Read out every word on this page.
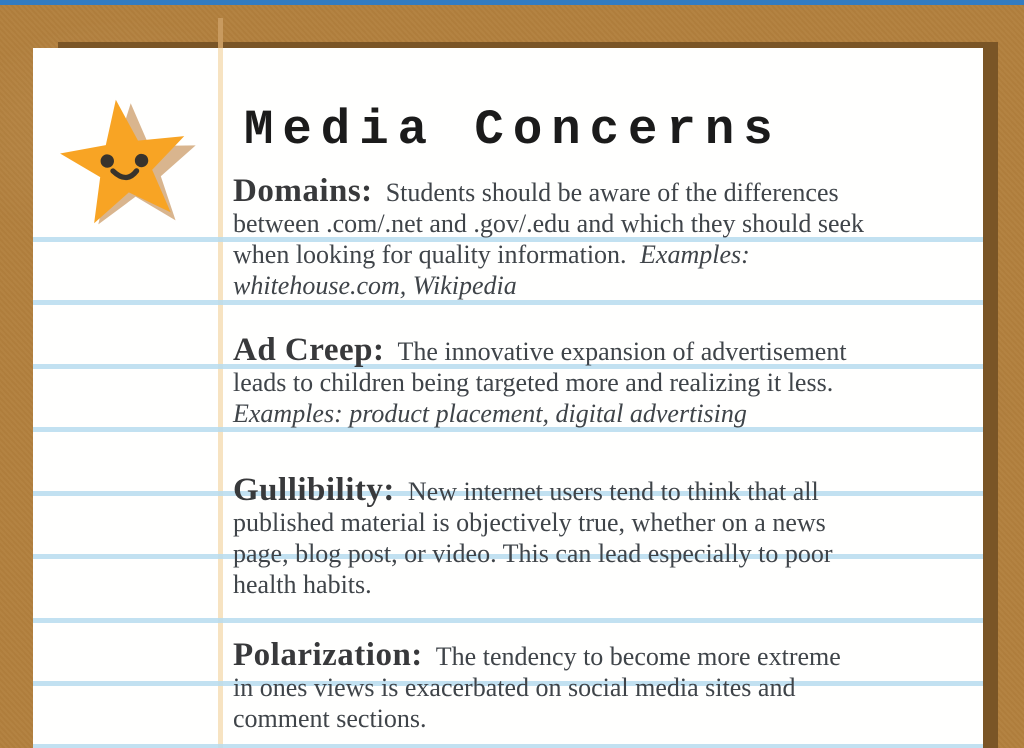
Media Concerns
Domains: Students should be aware of the differences
between .com/.net and .gov/.edu and which they should seek
when looking for quality information. Examples:
whitehouse.com, Wikipedia
Ad Creep: The innovative expansion of advertisement
leads to children being targeted more and realizing it less.
Examples: product placement, digital advertising
Gullibility: New internet users tend to think that all
published material is objectively true, whether on a news
page, blog post, or video. This can lead especially to poor
health habits.
Polarization: The tendency to become more extreme
in ones views is exacerbated on social media sites and
comment sections.
